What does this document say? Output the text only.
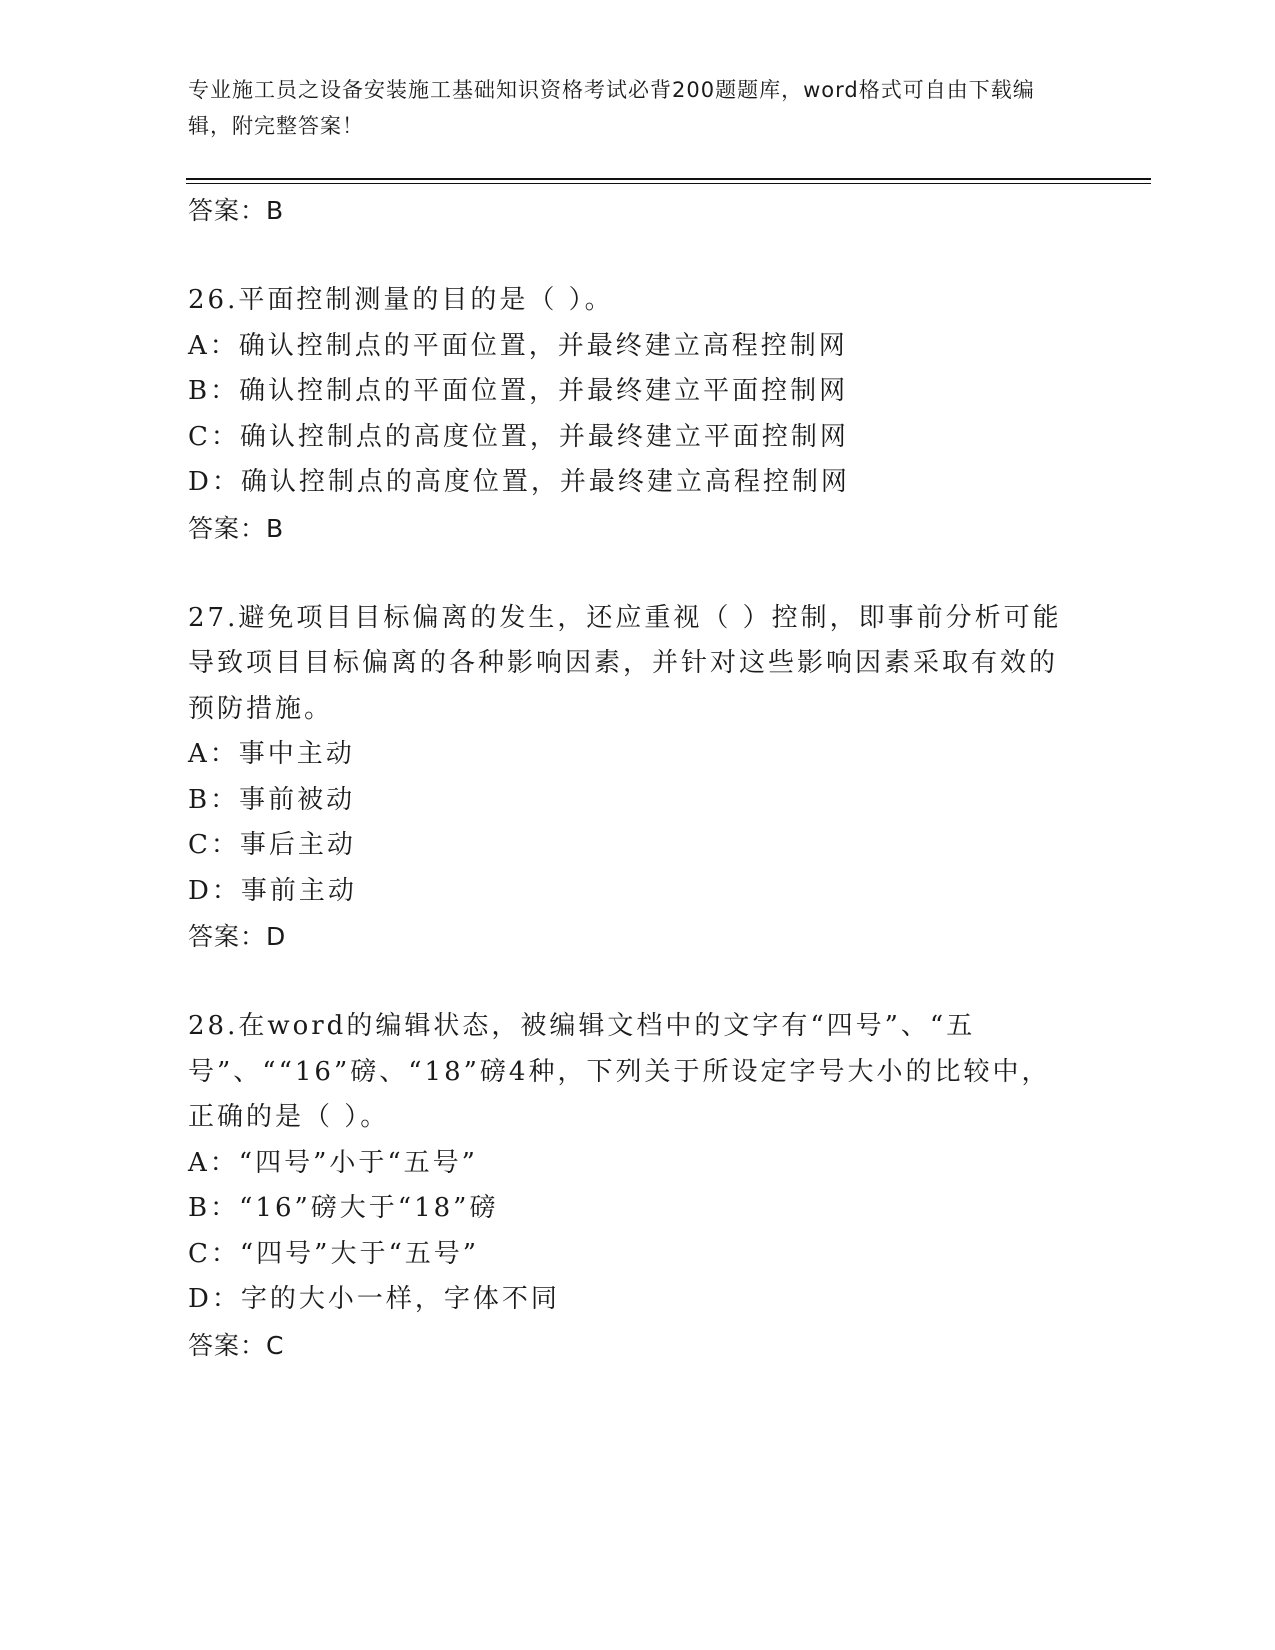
专业施工员之设备安装施工基础知识资格考试必背200题题库，word格式可自由下载编辑，附完整答案！
答案：B
26.平面控制测量的目的是（ ）。
A：确认控制点的平面位置，并最终建立高程控制网
B：确认控制点的平面位置，并最终建立平面控制网
C：确认控制点的高度位置，并最终建立平面控制网
D：确认控制点的高度位置，并最终建立高程控制网
答案：B
27.避免项目目标偏离的发生，还应重视（ ）控制，即事前分析可能导致项目目标偏离的各种影响因素，并针对这些影响因素采取有效的预防措施。
A：事中主动
B：事前被动
C：事后主动
D：事前主动
答案：D
28.在word的编辑状态，被编辑文档中的文字有“四号”、“五号”、““16”磅、“18”磅4种，下列关于所设定字号大小的比较中，正确的是（ ）。
A：“四号”小于“五号”
B：“16”磅大于“18”磅
C：“四号”大于“五号”
D：字的大小一样，字体不同
答案：C
